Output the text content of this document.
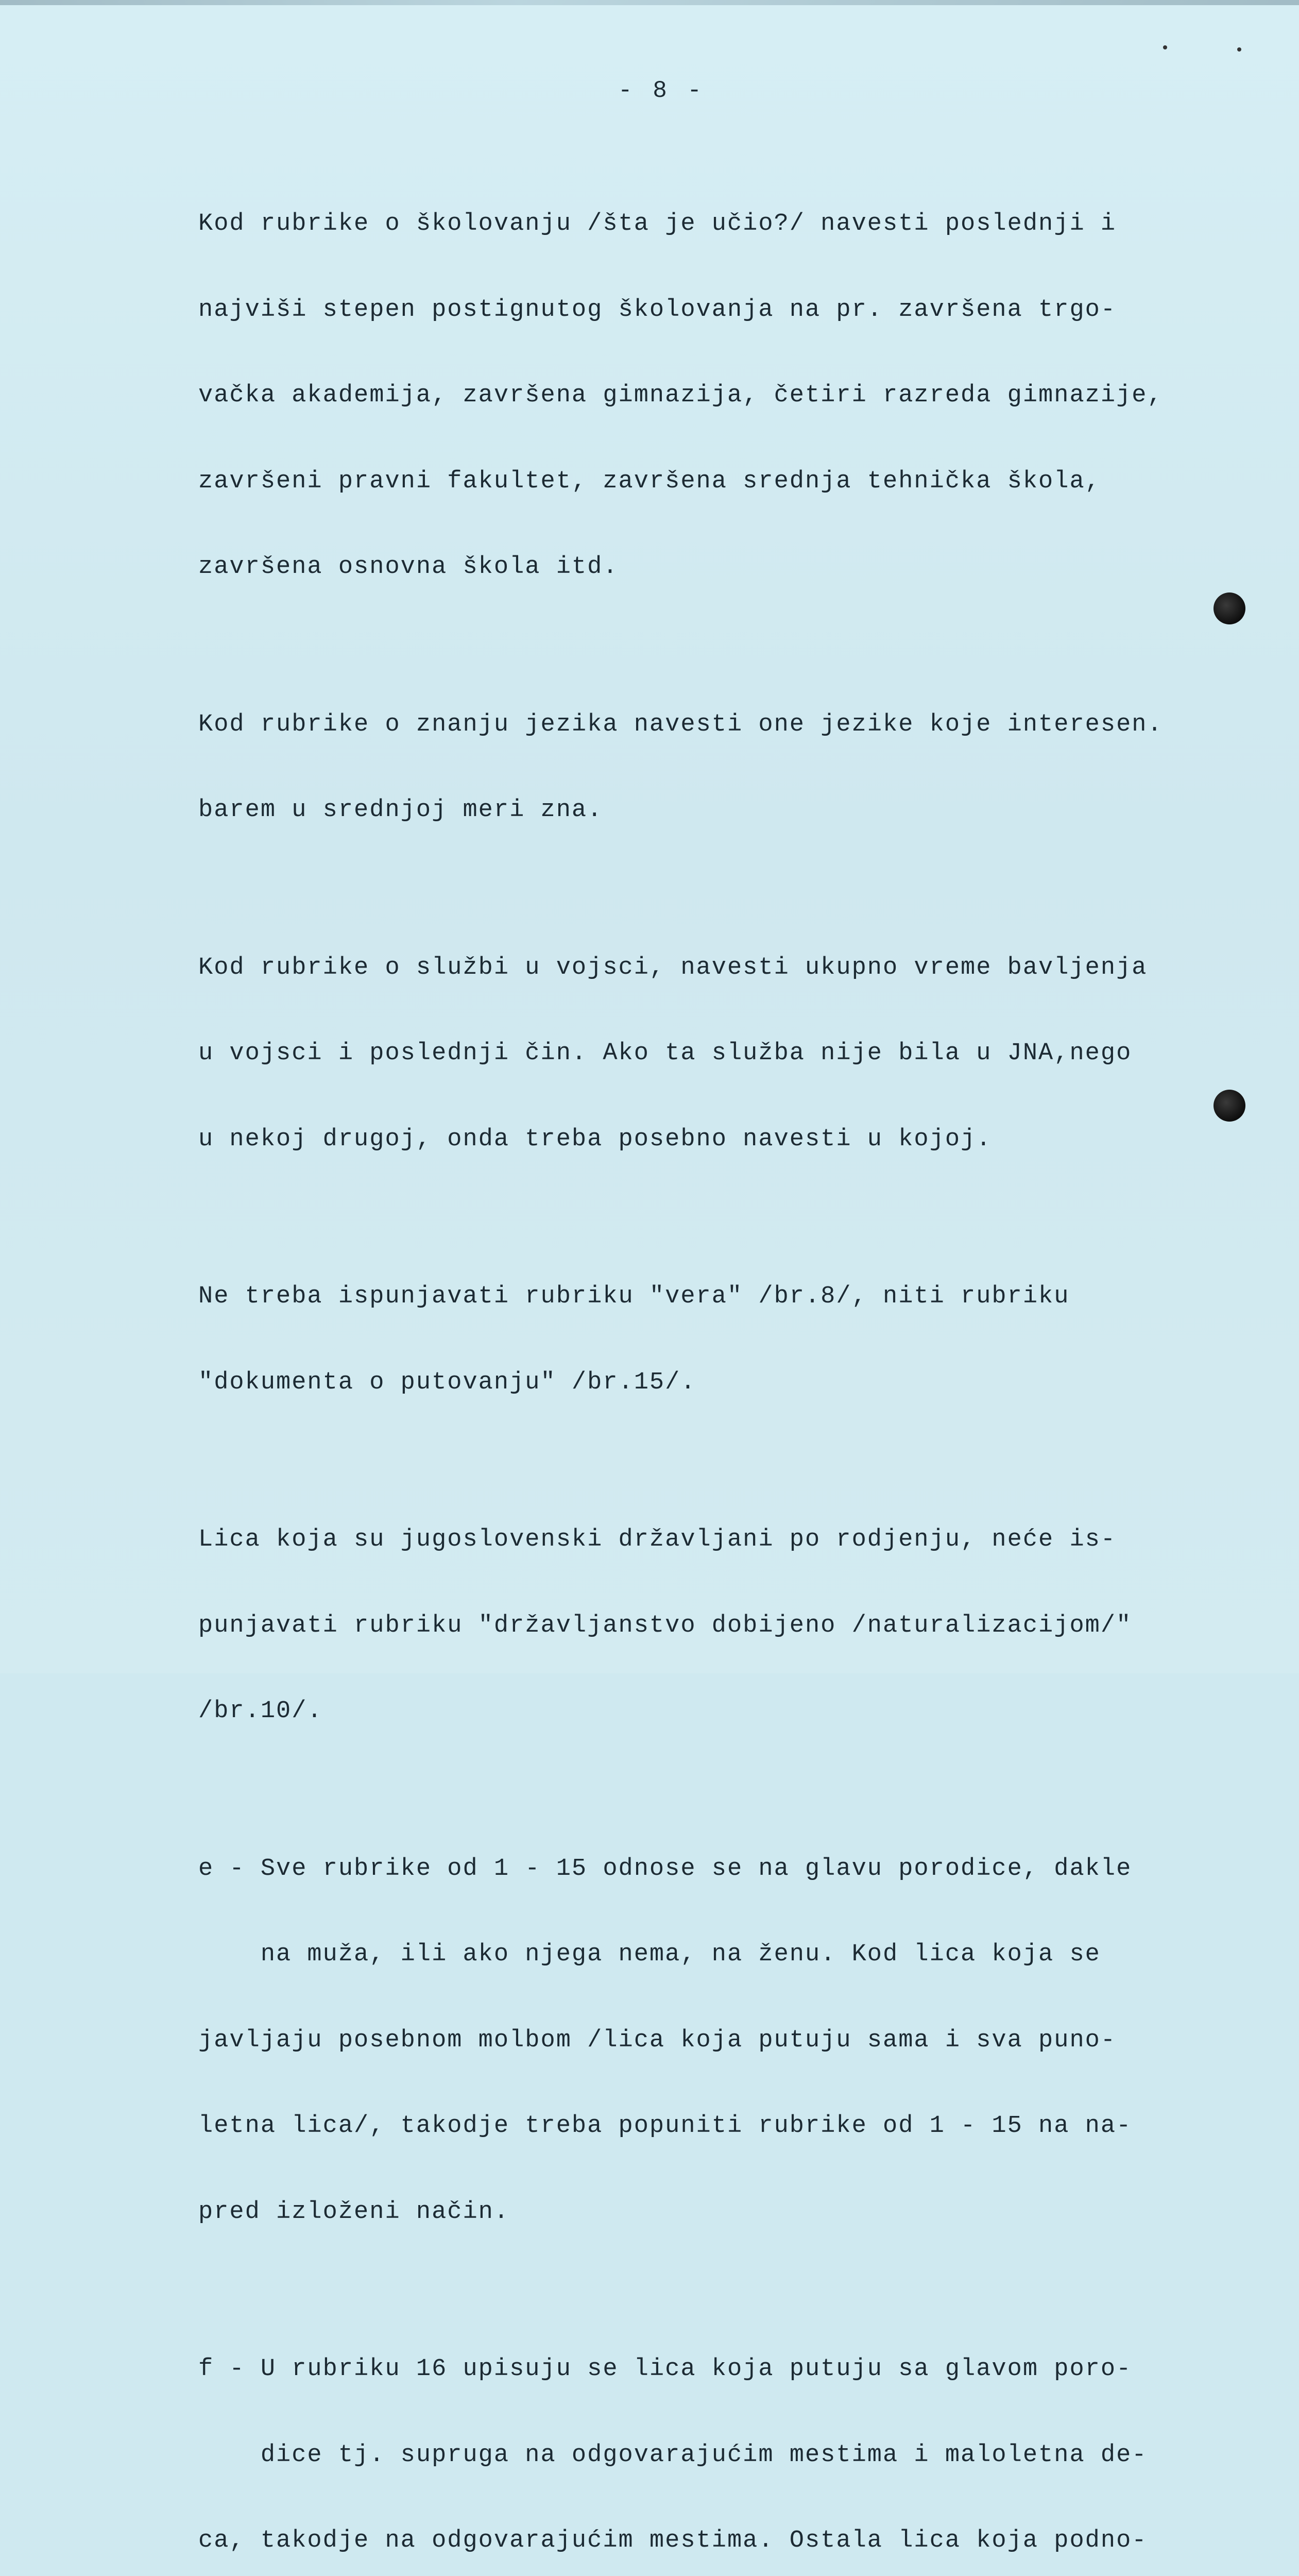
- 8 -

Kod rubrike o školovanju /šta je učio?/ navesti poslednji i

najviši stepen postignutog školovanja na pr. završena trgo-

vačka akademija, završena gimnazija, četiri razreda gimnazije,

završeni pravni fakultet, završena srednja tehnička škola,

završena osnovna škola itd.

Kod rubrike o znanju jezika navesti one jezike koje interesen.

barem u srednjoj meri zna.

Kod rubrike o službi u vojsci, navesti ukupno vreme bavljenja

u vojsci i poslednji čin. Ako ta služba nije bila u JNA,nego

u nekoj drugoj, onda treba posebno navesti u kojoj.

Ne treba ispunjavati rubriku "vera" /br.8/, niti rubriku

"dokumenta o putovanju" /br.15/.

Lica koja su jugoslovenski državljani po rodjenju, neće is-

punjavati rubriku "državljanstvo dobijeno /naturalizacijom/"

/br.10/.

e - Sve rubrike od 1 - 15 odnose se na glavu porodice, dakle

na muža, ili ako njega nema, na ženu. Kod lica koja se

javljaju posebnom molbom /lica koja putuju sama i sva puno-

letna lica/, takodje treba popuniti rubrike od 1 - 15 na na-

pred izloženi način.

f - U rubriku 16 upisuju se lica koja putuju sa glavom poro-

dice tj. supruga na odgovarajućim mestima i maloletna de-

ca, takodje na odgovarajućim mestima. Ostala lica koja podno-
